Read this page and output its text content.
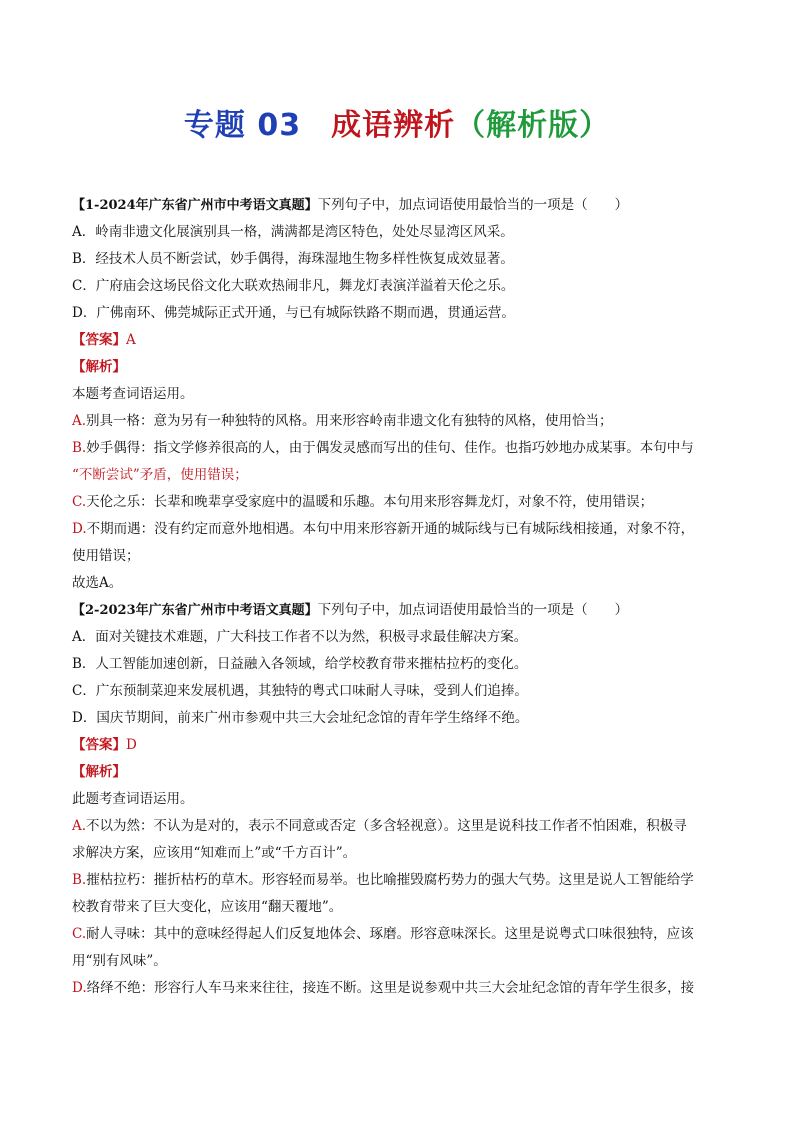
专题 03 成语辨析（解析版）
【1-2024年广东省广州市中考语文真题】下列句子中，加点词语使用最恰当的一项是（　　）
A．岭南非遗文化展演别具一格，满满都是湾区特色，处处尽显湾区风采。
B．经技术人员不断尝试，妙手偶得，海珠湿地生物多样性恢复成效显著。
C．广府庙会这场民俗文化大联欢热闹非凡，舞龙灯表演洋溢着天伦之乐。
D．广佛南环、佛莞城际正式开通，与已有城际铁路不期而遇，贯通运营。
【答案】A
【解析】
本题考查词语运用。
A.别具一格：意为另有一种独特的风格。用来形容岭南非遗文化有独特的风格，使用恰当；
B.妙手偶得：指文学修养很高的人，由于偶发灵感而写出的佳句、佳作。也指巧妙地办成某事。本句中与
“不断尝试”矛盾，使用错误；
C.天伦之乐：长辈和晚辈享受家庭中的温暖和乐趣。本句用来形容舞龙灯，对象不符，使用错误；
D.不期而遇：没有约定而意外地相遇。本句中用来形容新开通的城际线与已有城际线相接通，对象不符，
使用错误；
故选A。
【2-2023年广东省广州市中考语文真题】下列句子中，加点词语使用最恰当的一项是（　　）
A．面对关键技术难题，广大科技工作者不以为然，积极寻求最佳解决方案。
B．人工智能加速创新，日益融入各领域，给学校教育带来摧枯拉朽的变化。
C．广东预制菜迎来发展机遇，其独特的粤式口味耐人寻味，受到人们追捧。
D．国庆节期间，前来广州市参观中共三大会址纪念馆的青年学生络绎不绝。
【答案】D
【解析】
此题考查词语运用。
A.不以为然：不认为是对的，表示不同意或否定（多含轻视意）。这里是说科技工作者不怕困难，积极寻
求解决方案，应该用“知难而上”或“千方百计”。
B.摧枯拉朽：摧折枯朽的草木。形容轻而易举。也比喻摧毁腐朽势力的强大气势。这里是说人工智能给学
校教育带来了巨大变化，应该用“翻天覆地”。
C.耐人寻味：其中的意味经得起人们反复地体会、琢磨。形容意味深长。这里是说粤式口味很独特，应该
用“别有风味”。
D.络绎不绝：形容行人车马来来往往，接连不断。这里是说参观中共三大会址纪念馆的青年学生很多，接
